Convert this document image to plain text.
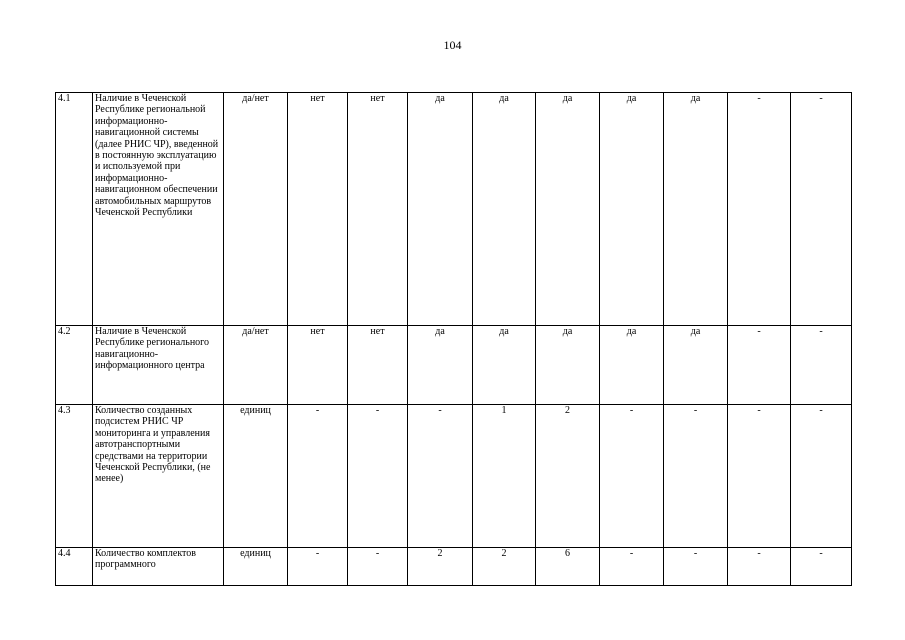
104
4.1	Наличие в Чеченской Республике региональной информационно-навигационной системы (далее РНИС ЧР), введенной в постоянную эксплуатацию и используемой при информационно-навигационном обеспечении автомобильных маршрутов Чеченской Республики	да/нет	нет	нет	да	да	да	да	да	-	-
4.2	Наличие в Чеченской Республике регионального навигационно-информационного центра	да/нет	нет	нет	да	да	да	да	да	-	-
4.3	Количество созданных подсистем РНИС ЧР мониторинга и управления автотранспортными средствами на территории Чеченской Республики, (не менее)	единиц	-	-	-	1	2	-	-	-	-
4.4	Количество комплектов программного	единиц	-	-	2	2	6	-	-	-	-
